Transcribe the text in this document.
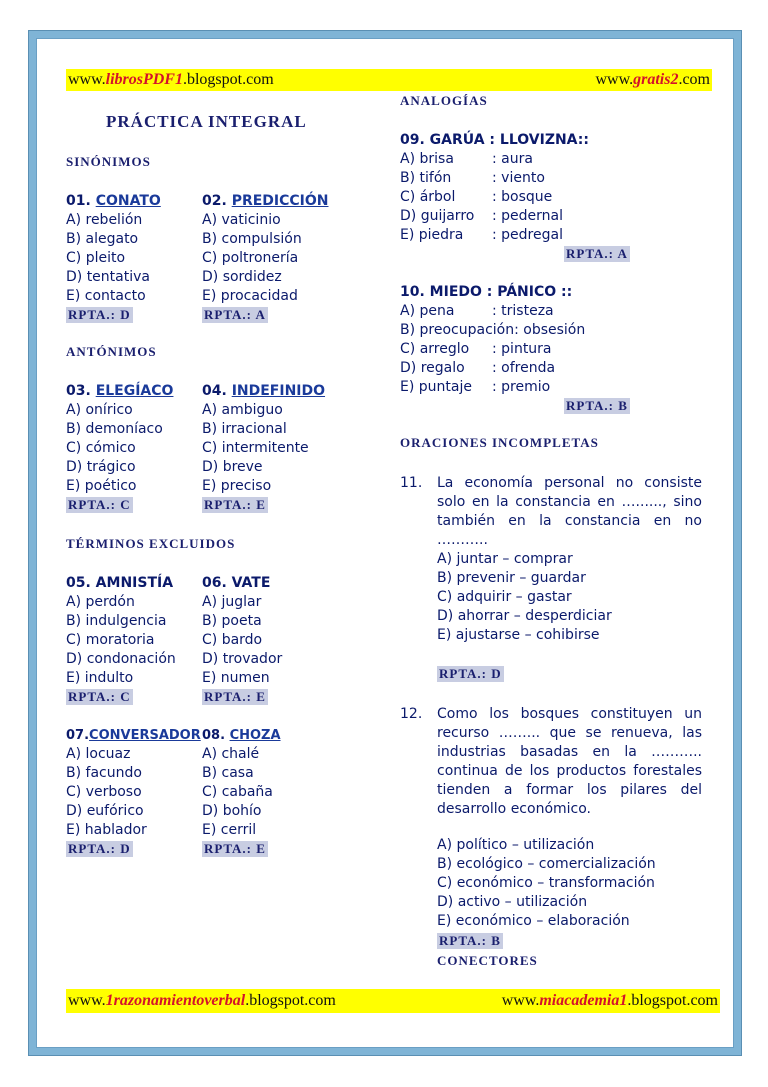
www.librosPDF1.blogspot.com	www.gratis2.com
PRÁCTICA INTEGRAL
SINÓNIMOS
01. CONATO
A) rebelión
B) alegato
C) pleito
D) tentativa
E) contacto
RPTA.: D
02. PREDICCIÓN
A) vaticinio
B) compulsión
C) poltronería
D) sordidez
E) procacidad
RPTA.: A
ANTÓNIMOS
03. ELEGÍACO
A) onírico
B) demoníaco
C) cómico
D) trágico
E) poético
RPTA.: C
04. INDEFINIDO
A) ambiguo
B) irracional
C) intermitente
D) breve
E) preciso
RPTA.: E
TÉRMINOS EXCLUIDOS
05. AMNISTÍA
A) perdón
B) indulgencia
C) moratoria
D) condonación
E) indulto
RPTA.: C
06. VATE
A) juglar
B) poeta
C) bardo
D) trovador
E) numen
RPTA.: E
07.CONVERSADOR
A) locuaz
B) facundo
C) verboso
D) eufórico
E) hablador
RPTA.: D
08. CHOZA
A) chalé
B) casa
C) cabaña
D) bohío
E) cerril
RPTA.: E
ANALOGÍAS
09. GARÚA : LLOVIZNA::
A) brisa	: aura
B) tifón	: viento
C) árbol	: bosque
D) guijarro : pedernal
E) piedra : pedregal
RPTA.: A
10. MIEDO : PÁNICO ::
A) pena	: tristeza
B) preocupación: obsesión
C) arreglo : pintura
D) regalo : ofrenda
E) puntaje : premio
RPTA.: B
ORACIONES INCOMPLETAS
11. La economía personal no consiste
solo en la constancia en …......, sino
también en la constancia en no
………..
A) juntar – comprar
B) prevenir – guardar
C) adquirir – gastar
D) ahorrar – desperdiciar
E) ajustarse – cohibirse
RPTA.: D
12. Como los bosques constituyen un
recurso ……... que se renueva, las
industrias basadas en la ………..
continua de los productos forestales
tienden a formar los pilares del
desarrollo económico.
A) político – utilización
B) ecológico – comercialización
C) económico – transformación
D) activo – utilización
E) económico – elaboración
RPTA.: B
CONECTORES
www.1razonamientoverbal.blogspot.com	www.miacademia1.blogspot.com
